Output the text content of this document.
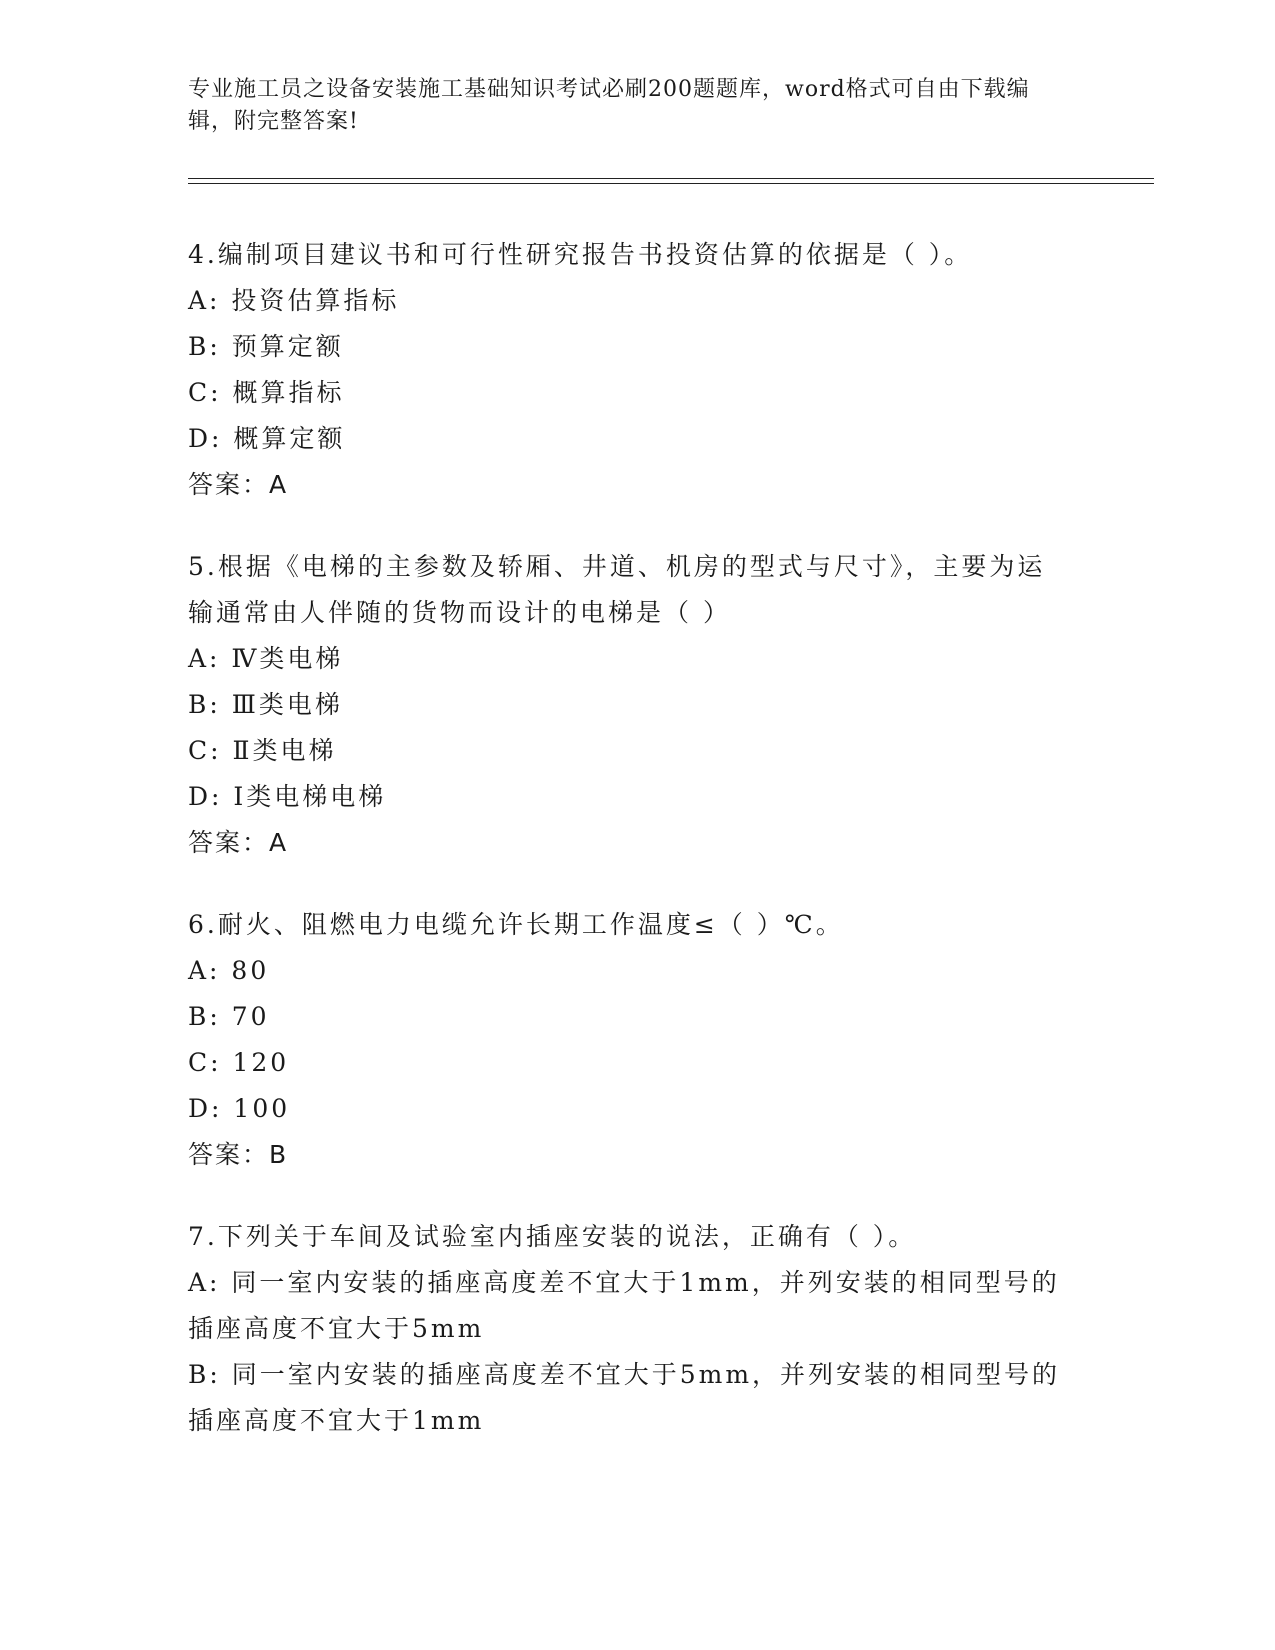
专业施工员之设备安装施工基础知识考试必刷200题题库，word格式可自由下载编辑，附完整答案!
4.编制项目建议书和可行性研究报告书投资估算的依据是（ ）。
A: 投资估算指标
B: 预算定额
C: 概算指标
D: 概算定额
答案：A
5.根据《电梯的主参数及轿厢、井道、机房的型式与尺寸》，主要为运输通常由人伴随的货物而设计的电梯是（ ）
A: Ⅳ类电梯
B: Ⅲ类电梯
C: Ⅱ类电梯
D: Ⅰ类电梯电梯
答案：A
6.耐火、阻燃电力电缆允许长期工作温度≤（ ）℃。
A: 80
B: 70
C: 120
D: 100
答案：B
7.下列关于车间及试验室内插座安装的说法，正确有（ ）。
A: 同一室内安装的插座高度差不宜大于1mm，并列安装的相同型号的插座高度不宜大于5mm
B: 同一室内安装的插座高度差不宜大于5mm，并列安装的相同型号的插座高度不宜大于1mm
